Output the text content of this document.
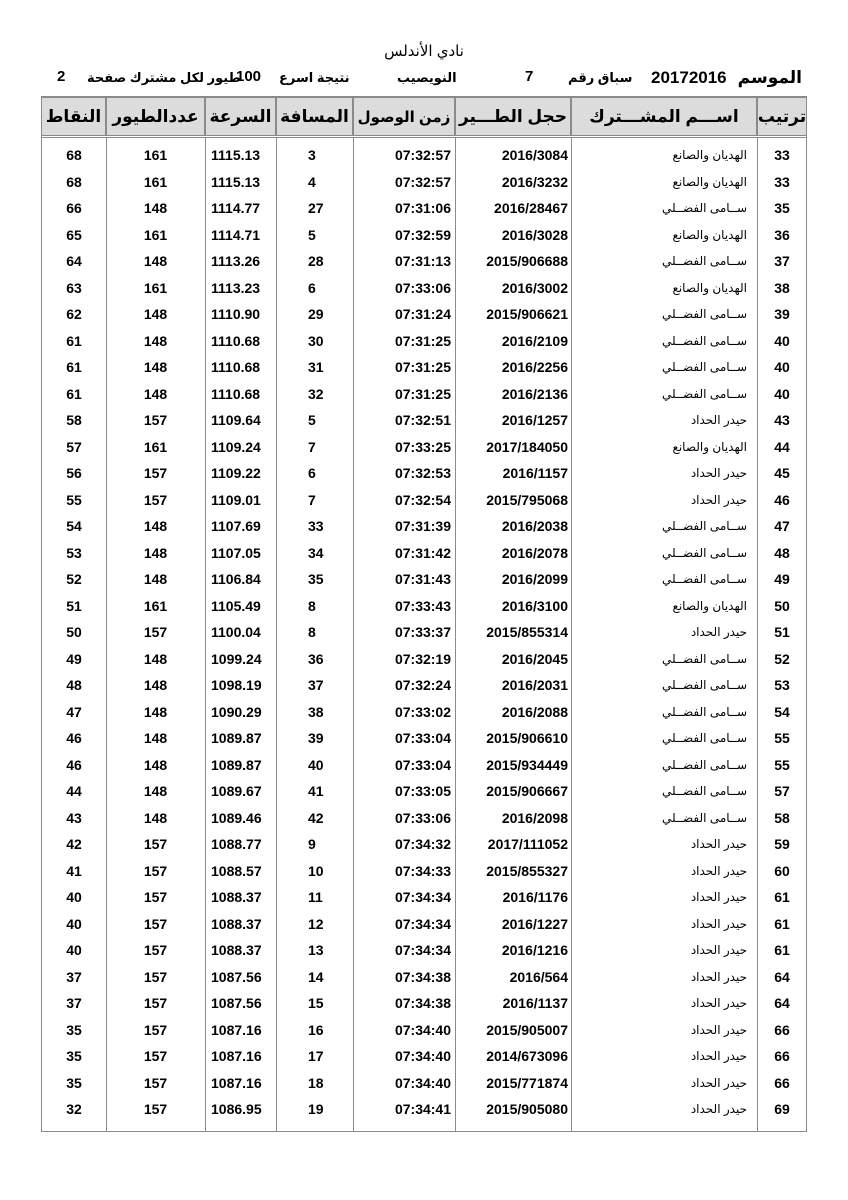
نادي الأندلس
الموسم
20172016
سباق رقم
7
النويصيب
نتيجة اسرع
100
طيور لكل مشترك صفحة
2
ترتيب
اســـم المشـــترك
حجل الطـــير
زمن الوصول
المسافة
السرعة
عددالطيور
النقاط
33
الهديان والصانع
2016/3084
07:32:57
3
1115.13
161
68
33
الهديان والصانع
2016/3232
07:32:57
4
1115.13
161
68
35
ســامى الفضــلي
2016/28467
07:31:06
27
1114.77
148
66
36
الهديان والصانع
2016/3028
07:32:59
5
1114.71
161
65
37
ســامى الفضــلي
2015/906688
07:31:13
28
1113.26
148
64
38
الهديان والصانع
2016/3002
07:33:06
6
1113.23
161
63
39
ســامى الفضــلي
2015/906621
07:31:24
29
1110.90
148
62
40
ســامى الفضــلي
2016/2109
07:31:25
30
1110.68
148
61
40
ســامى الفضــلي
2016/2256
07:31:25
31
1110.68
148
61
40
ســامى الفضــلي
2016/2136
07:31:25
32
1110.68
148
61
43
حيدر الحداد
2016/1257
07:32:51
5
1109.64
157
58
44
الهديان والصانع
2017/184050
07:33:25
7
1109.24
161
57
45
حيدر الحداد
2016/1157
07:32:53
6
1109.22
157
56
46
حيدر الحداد
2015/795068
07:32:54
7
1109.01
157
55
47
ســامى الفضــلي
2016/2038
07:31:39
33
1107.69
148
54
48
ســامى الفضــلي
2016/2078
07:31:42
34
1107.05
148
53
49
ســامى الفضــلي
2016/2099
07:31:43
35
1106.84
148
52
50
الهديان والصانع
2016/3100
07:33:43
8
1105.49
161
51
51
حيدر الحداد
2015/855314
07:33:37
8
1100.04
157
50
52
ســامى الفضــلي
2016/2045
07:32:19
36
1099.24
148
49
53
ســامى الفضــلي
2016/2031
07:32:24
37
1098.19
148
48
54
ســامى الفضــلي
2016/2088
07:33:02
38
1090.29
148
47
55
ســامى الفضــلي
2015/906610
07:33:04
39
1089.87
148
46
55
ســامى الفضــلي
2015/934449
07:33:04
40
1089.87
148
46
57
ســامى الفضــلي
2015/906667
07:33:05
41
1089.67
148
44
58
ســامى الفضــلي
2016/2098
07:33:06
42
1089.46
148
43
59
حيدر الحداد
2017/111052
07:34:32
9
1088.77
157
42
60
حيدر الحداد
2015/855327
07:34:33
10
1088.57
157
41
61
حيدر الحداد
2016/1176
07:34:34
11
1088.37
157
40
61
حيدر الحداد
2016/1227
07:34:34
12
1088.37
157
40
61
حيدر الحداد
2016/1216
07:34:34
13
1088.37
157
40
64
حيدر الحداد
2016/564
07:34:38
14
1087.56
157
37
64
حيدر الحداد
2016/1137
07:34:38
15
1087.56
157
37
66
حيدر الحداد
2015/905007
07:34:40
16
1087.16
157
35
66
حيدر الحداد
2014/673096
07:34:40
17
1087.16
157
35
66
حيدر الحداد
2015/771874
07:34:40
18
1087.16
157
35
69
حيدر الحداد
2015/905080
07:34:41
19
1086.95
157
32
